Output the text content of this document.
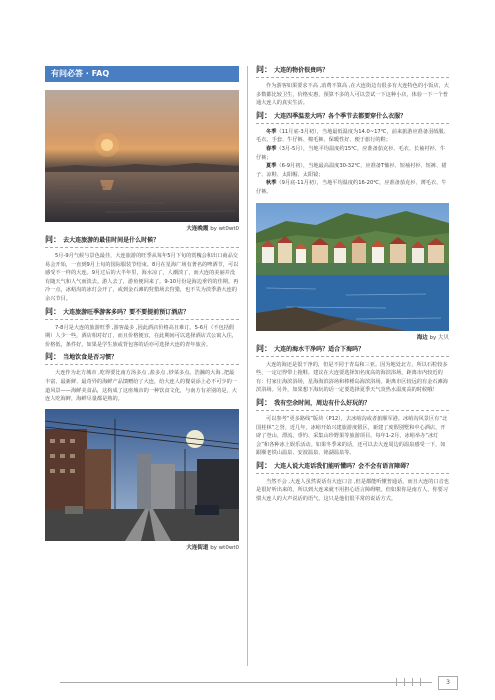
有问必答 · FAQ
大连晚霞 by wt0wt0
问： 去大连旅游的最佳时间是什么时候？

5月-9月气候与景色最佳，大连旅游的旺季从每年5月下旬的赏槐会和出口商品交易会开始，一直到9月上旬的国际服装节结束。8月在星海广场有著名的啤酒节，可以感受不一样的大连。9月过后的大半年里，海水凉了，人潮淡了，而大连的美丽并没有随天气和人气而淡去。游人去了，游鱼便回来了，9-10月份是海边垂钓的佳期。再冷一点，冰峪沟的冰灯会开了，或到金石滩的狩猎场去狩猎，也不失为淡季游大连的余兴节目。

问： 大连旅游旺季游客多吗？要不要提前预订酒店？

7-8月是大连的旅游旺季 ,游客最多 ,因此酒店价格高且难订。5-6月（不包括假期）人少一些，酒店相对好订，而且价格便宜，在此期间可以选择酒店式公寓入住，价格低，条件好。如果是学生族或背包客的话亦可选择大连的青年旅舍。

问： 当地饮食是否习惯？

大连作为北方城市 ,吃得要比南方汤多点 ,盐多点 ,炒菜多点。浩瀚的大海 ,把最丰富、最新鲜、最奇异的海鲜产品馈赠给了大连，给大连人的餐桌添上必不可少的一道风景——海鲜美食品，这构成了这座城市的一种饮食文化，与南方有差别的是，大连人吃海鲜，海鲜尽量都是熟的。

大连街道 by wt0wt0
问： 大连的物价很贵吗？

作为游客如果要求不高 ,消费不算高 ,在大连街边有很多有大连特色的小饭店，大多数都比较卫生，价格实惠，预算不多的人可以尝试一下这种小店，体验一下一个普通大连人的真实生活。

问： 大连四季温差大吗？各个季节去都要穿什么衣服？

冬季（11月底-3月初），当地最低温度为14.0~17℃，前来旅游应准备羽绒服、毛衣、手套、牛仔裤、棉毛裤、保暖性好、便于旅行的鞋；

春季（3月-5月），当地平均温度约15℃，应准备茄克衫、毛衣、长袖衬衫、牛仔裤；

夏季（6-9月初），当地最高温度30-32℃，应准备T恤衫、短袖衬衫、短裤、裙子、凉鞋、太阳帽、太阳镜；

秋季（9月底-11月初），当地平均温度约16-20℃，应准备茄克衫、薄毛衣、牛仔裤。

海边 by 大贝
问： 大连的海水干净吗？适合下海吗？

大连的海还是很干净的，但是不同于青岛和三亚。因为地处北方，所以石粒较多些，一定记得带上拖鞋。建议在大连要选择知名度高的海滨浴场，距离市内较近的有：付家庄海滨浴场，星海海滨浴场和棒棰岛海滨浴场。距离市区较远的有金石滩海滨浴场。另外，如果想下海玩的话一定要选择夏季天气炎热水温度高的时候哦！

问： 我有空余时间，周边有什么好玩的？

可以参考“更多路线”版块（P12），去冰峪沟或者旅顺军港。冰峪沟风景区有“北国桂林”之誉。近几年，冰峪开始兴建旅游度假区，新建了度假别墅和中心酒店，开辟了登山、漂流、垂钓、采集山珍野果等旅游项目。每年1-2月，冰峪举办“冰灯会”和各种冰上娱乐活动。如果冬季来的话，还可以去大连周边的温泉感受一下，如跟顺老铁山温泉、安波温泉、铭湖温泉等。

问： 大连人说大连话我们能听懂吗？会不会有语言障碍？

当然不会 ,大连人虽然说话有大连口音 ,但是都能听懂普通话，而且大连的口音也是很好听出来的，所以到大连来就不用担心语言障碍啦。但如果你是南方人，你要习惯大连人的大声说话的语气，这只是他们很平常的说话方式。

3
